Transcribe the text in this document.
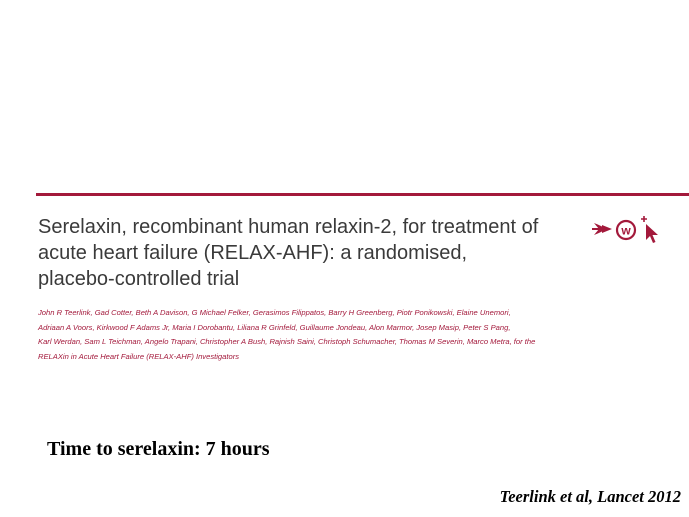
Serelaxin, recombinant human relaxin-2, for treatment of
acute heart failure (RELAX-AHF): a randomised,
placebo-controlled trial
w
John R Teerlink, Gad Cotter, Beth A Davison, G Michael Felker, Gerasimos Filippatos, Barry H Greenberg, Piotr Ponikowski, Elaine Unemori,
Adriaan A Voors, Kirkwood F Adams Jr, Maria I Dorobantu, Liliana R Grinfeld, Guillaume Jondeau, Alon Marmor, Josep Masip, Peter S Pang,
Karl Werdan, Sam L Teichman, Angelo Trapani, Christopher A Bush, Rajnish Saini, Christoph Schumacher, Thomas M Severin, Marco Metra, for the
RELAXin in Acute Heart Failure (RELAX-AHF) Investigators
Time to serelaxin: 7 hours
Teerlink et al, Lancet 2012
